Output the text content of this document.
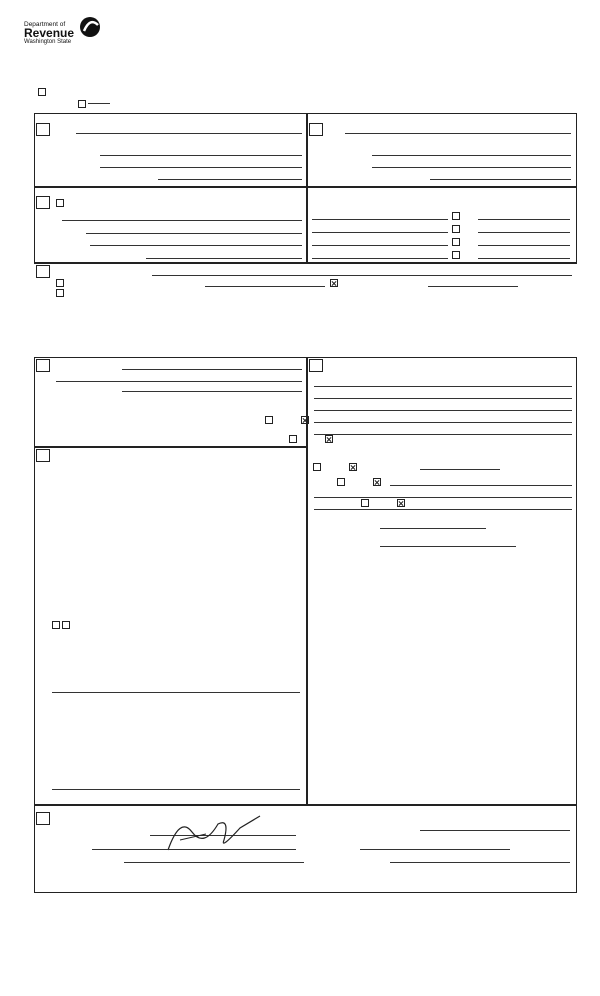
Department of
Revenue
Washington State
